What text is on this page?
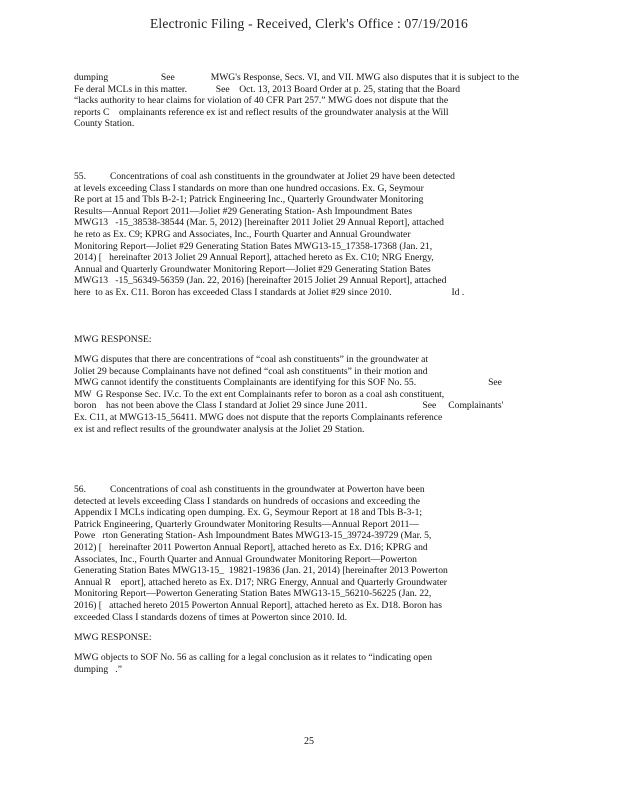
Electronic Filing - Received, Clerk's Office : 07/19/2016
dumping                      See               MWG's Response, Secs. VI, and VII. MWG also disputes that it is subject to the
Fe deral MCLs in this matter.            See    Oct. 13, 2013 Board Order at p. 25, stating that the Board
“lacks authority to hear claims for violation of 40 CFR Part 257.” MWG does not dispute that the
reports C    omplainants reference ex ist and reflect results of the groundwater analysis at the Will
County Station.
55.          Concentrations of coal ash constituents in the groundwater at Joliet 29 have been detected
at levels exceeding Class I standards on more than one hundred occasions. Ex. G, Seymour
Re port at 15 and Tbls B-2-1; Patrick Engineering Inc., Quarterly Groundwater Monitoring
Results—Annual Report 2011—Joliet #29 Generating Station- Ash Impoundment Bates
MWG13   -15_38538-38544 (Mar. 5, 2012) [hereinafter 2011 Joliet 29 Annual Report], attached
he reto as Ex. C9; KPRG and Associates, Inc., Fourth Quarter and Annual Groundwater
Monitoring Report—Joliet #29 Generating Station Bates MWG13-15_17358-17368 (Jan. 21,
2014) [   hereinafter 2013 Joliet 29 Annual Report], attached hereto as Ex. C10; NRG Energy,
Annual and Quarterly Groundwater Monitoring Report—Joliet #29 Generating Station Bates
MWG13   -15_56349-56359 (Jan. 22, 2016) [hereinafter 2015 Joliet 29 Annual Report], attached
here  to as Ex. C11. Boron has exceeded Class I standards at Joliet #29 since 2010.                         Id .
MWG RESPONSE:
MWG disputes that there are concentrations of “coal ash constituents” in the groundwater at
Joliet 29 because Complainants have not defined “coal ash constituents” in their motion and
MWG cannot identify the constituents Complainants are identifying for this SOF No. 55.                              See
MW  G Response Sec. IV.c. To the ext ent Complainants refer to boron as a coal ash constituent,
boron    has not been above the Class I standard at Joliet 29 since June 2011.                       See     Complainants'
Ex. C11, at MWG13-15_56411. MWG does not dispute that the reports Complainants reference
ex ist and reflect results of the groundwater analysis at the Joliet 29 Station.
56.          Concentrations of coal ash constituents in the groundwater at Powerton have been
detected at levels exceeding Class I standards on hundreds of occasions and exceeding the
Appendix I MCLs indicating open dumping. Ex. G, Seymour Report at 18 and Tbls B-3-1;
Patrick Engineering, Quarterly Groundwater Monitoring Results—Annual Report 2011—
Powe   rton Generating Station- Ash Impoundment Bates MWG13-15_39724-39729 (Mar. 5,
2012) [   hereinafter 2011 Powerton Annual Report], attached hereto as Ex. D16; KPRG and
Associates, Inc., Fourth Quarter and Annual Groundwater Monitoring Report—Powerton
Generating Station Bates MWG13-15_  19821-19836 (Jan. 21, 2014) [hereinafter 2013 Powerton
Annual R    eport], attached hereto as Ex. D17; NRG Energy, Annual and Quarterly Groundwater
Monitoring Report—Powerton Generating Station Bates MWG13-15_56210-56225 (Jan. 22,
2016) [   attached hereto 2015 Powerton Annual Report], attached hereto as Ex. D18. Boron has
exceeded Class I standards dozens of times at Powerton since 2010. Id.
MWG RESPONSE:
MWG objects to SOF No. 56 as calling for a legal conclusion as it relates to “indicating open
dumping   .”
25
